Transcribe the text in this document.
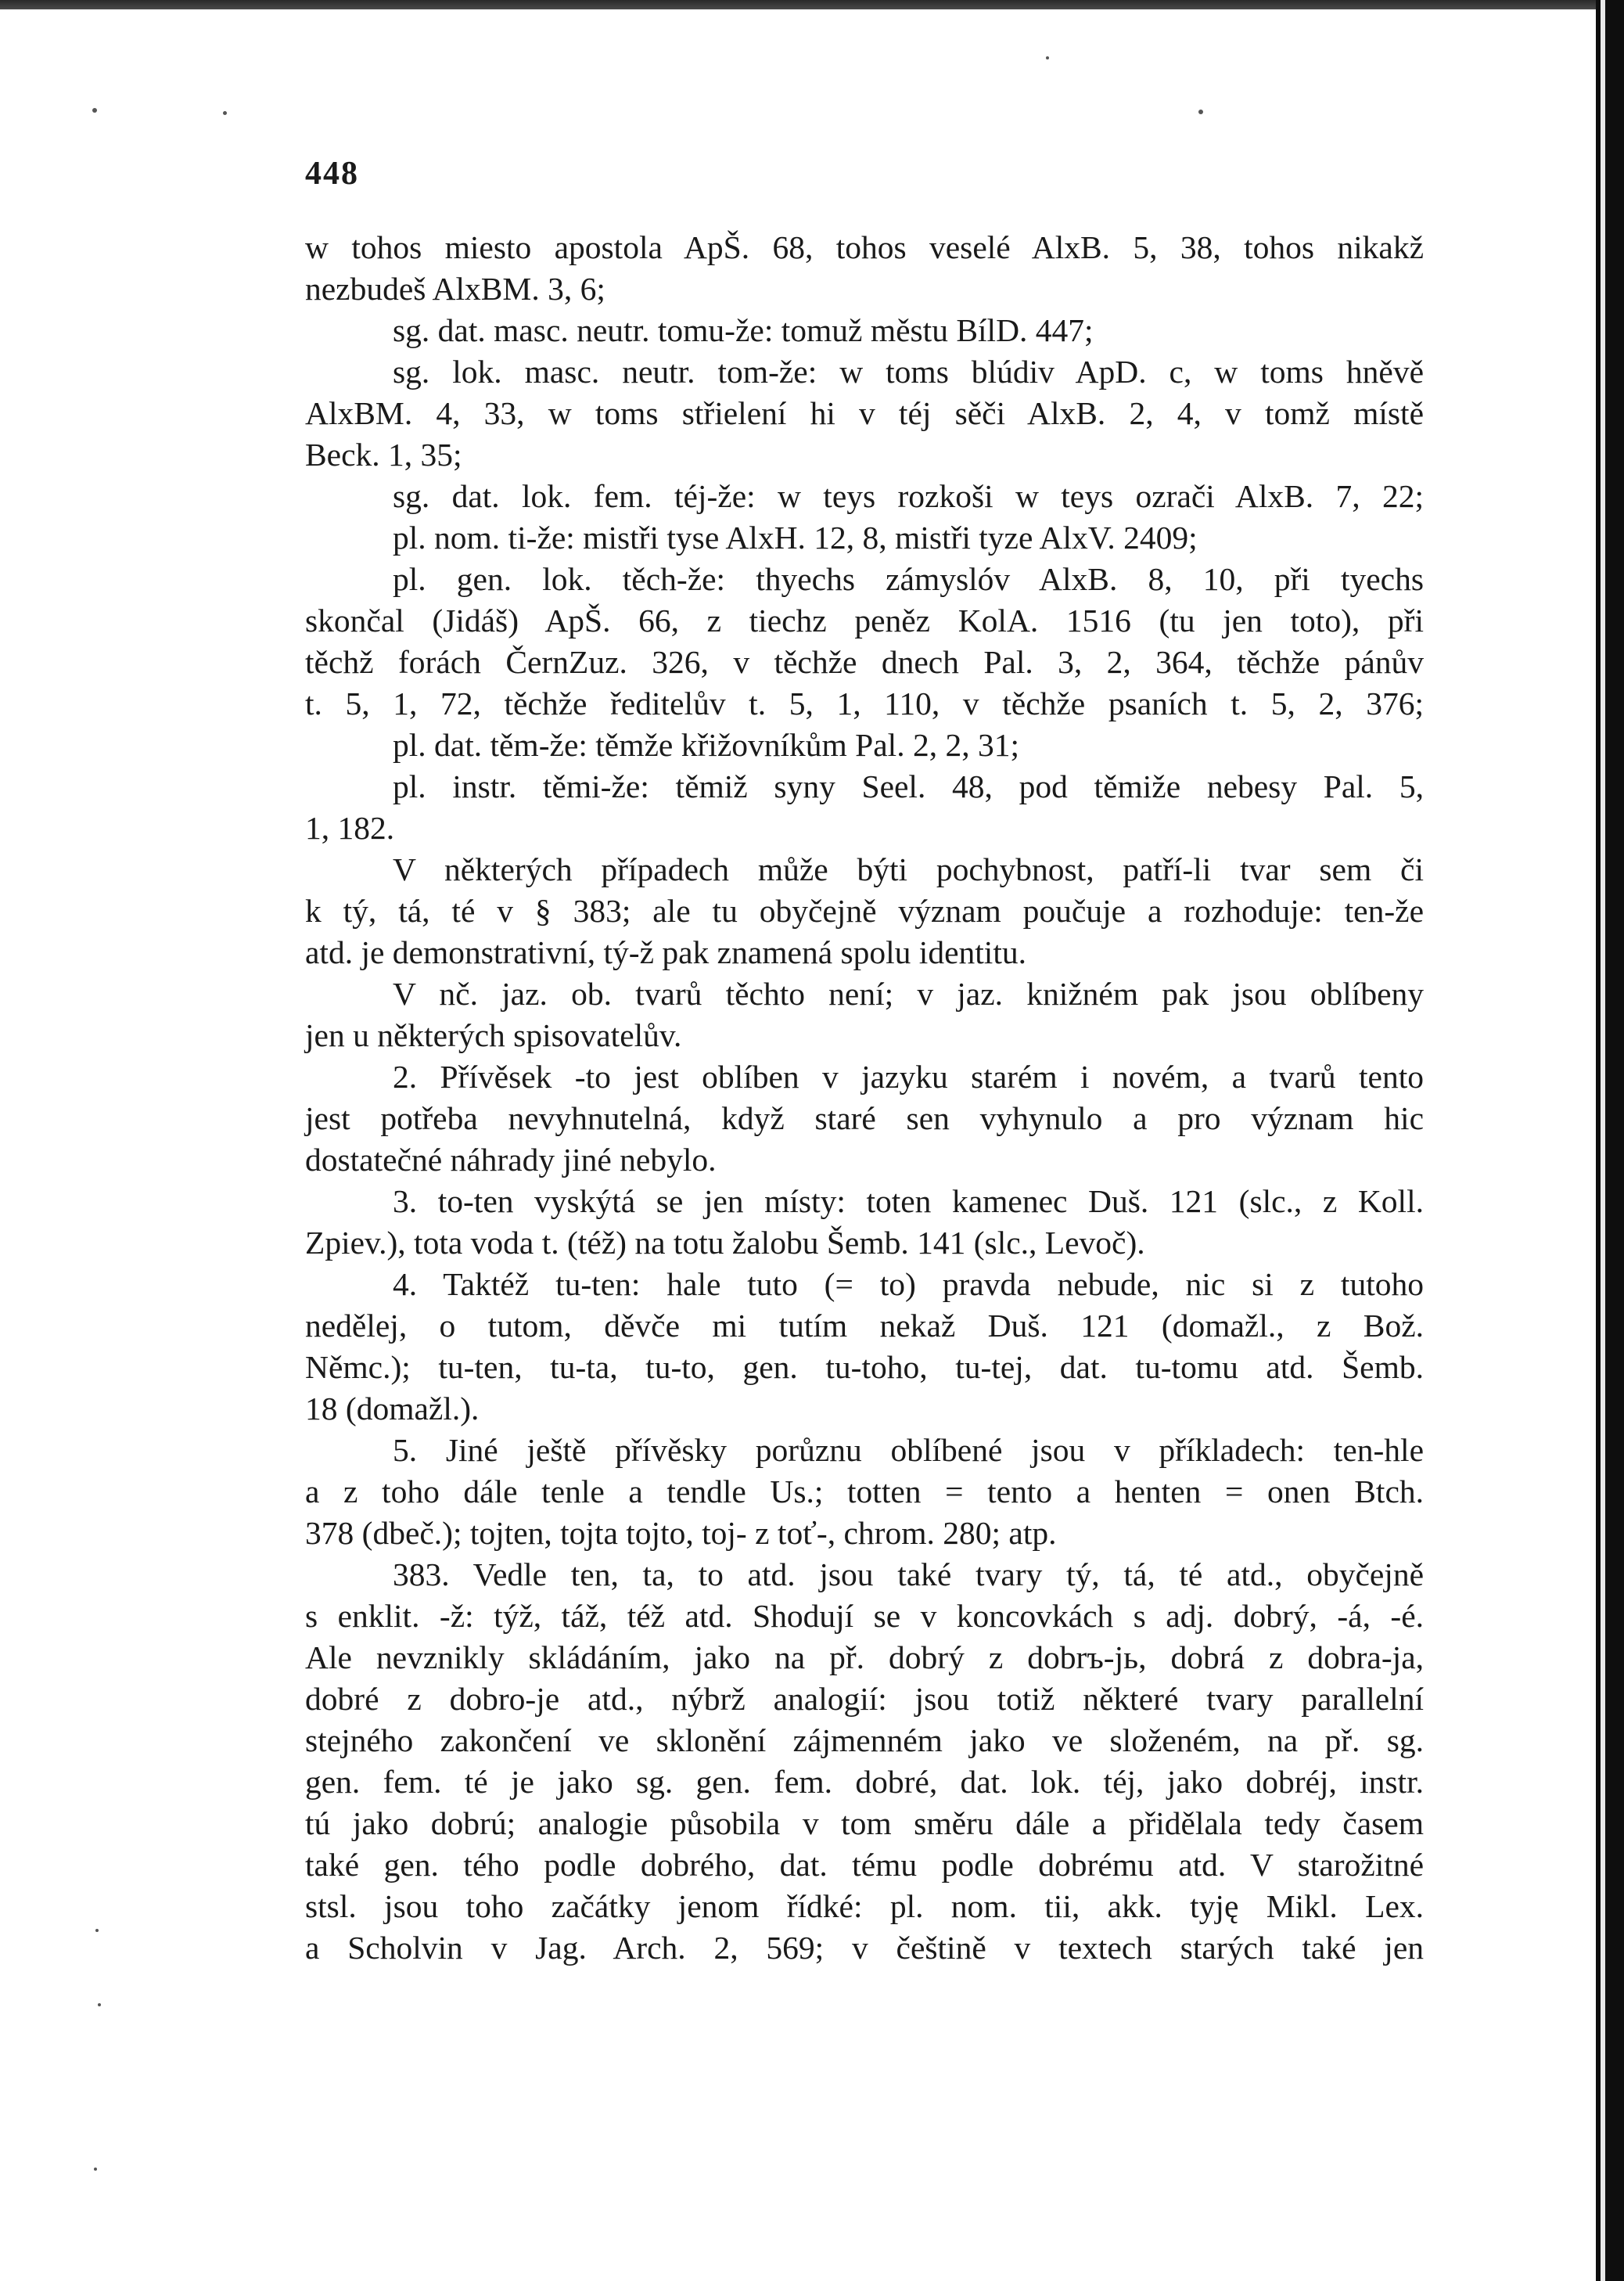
448
w tohos miesto apostola ApŠ. 68, tohos veselé AlxB. 5, 38, tohos nikakž
nezbudeš AlxBM. 3, 6;
sg. dat. masc. neutr. tomu-že: tomuž městu BílD. 447;
sg. lok. masc. neutr. tom-že: w toms blúdiv ApD. c, w toms hněvě
AlxBM. 4, 33, w toms střielení hi v téj sěči AlxB. 2, 4, v tomž místě
Beck. 1, 35;
sg. dat. lok. fem. téj-že: w teys rozkoši w teys ozrači AlxB. 7, 22;
pl. nom. ti-že: mistři tyse AlxH. 12, 8, mistři tyze AlxV. 2409;
pl. gen. lok. těch-že: thyechs zámyslóv AlxB. 8, 10, při tyechs
skončal (Jidáš) ApŠ. 66, z tiechz peněz KolA. 1516 (tu jen toto), při
těchž forách ČernZuz. 326, v těchže dnech Pal. 3, 2, 364, těchže pánův
t. 5, 1, 72, těchže ředitelův t. 5, 1, 110, v těchže psaních t. 5, 2, 376;
pl. dat. těm-že: těmže křižovníkům Pal. 2, 2, 31;
pl. instr. těmi-že: těmiž syny Seel. 48, pod těmiže nebesy Pal. 5,
1, 182.
V některých případech může býti pochybnost, patří-li tvar sem či
k tý, tá, té v § 383; ale tu obyčejně význam poučuje a rozhoduje: ten-že
atd. je demonstrativní, tý-ž pak znamená spolu identitu.
V nč. jaz. ob. tvarů těchto není; v jaz. knižném pak jsou oblíbeny
jen u některých spisovatelův.
2. Přívěsek -to jest oblíben v jazyku starém i novém, a tvarů tento
jest potřeba nevyhnutelná, když staré sen vyhynulo a pro význam hic
dostatečné náhrady jiné nebylo.
3. to-ten vyskýtá se jen místy: toten kamenec Duš. 121 (slc., z Koll.
Zpiev.), tota voda t. (též) na totu žalobu Šemb. 141 (slc., Levoč).
4. Taktéž tu-ten: hale tuto (= to) pravda nebude, nic si z tutoho
nedělej, o tutom, děvče mi tutím nekaž Duš. 121 (domažl., z Bož.
Němc.); tu-ten, tu-ta, tu-to, gen. tu-toho, tu-tej, dat. tu-tomu atd. Šemb.
18 (domažl.).
5. Jiné ještě přívěsky porůznu oblíbené jsou v příkladech: ten-hle
a z toho dále tenle a tendle Us.; totten = tento a henten = onen Btch.
378 (dbeč.); tojten, tojta tojto, toj- z toť-, chrom. 280; atp.
383. Vedle ten, ta, to atd. jsou také tvary tý, tá, té atd., obyčejně
s enklit. -ž: týž, táž, též atd. Shodují se v koncovkách s adj. dobrý, -á, -é.
Ale nevznikly skládáním, jako na př. dobrý z dobrъ-jь, dobrá z dobra-ja,
dobré z dobro-je atd., nýbrž analogií: jsou totiž některé tvary parallelní
stejného zakončení ve sklonění zájmenném jako ve složeném, na př. sg.
gen. fem. té je jako sg. gen. fem. dobré, dat. lok. téj, jako dobréj, instr.
tú jako dobrú; analogie působila v tom směru dále a přidělala tedy časem
také gen. tého podle dobrého, dat. tému podle dobrému atd. V starožitné
stsl. jsou toho začátky jenom řídké: pl. nom. tii, akk. tyję Mikl. Lex.
a Scholvin v Jag. Arch. 2, 569; v češtině v textech starých také jen
